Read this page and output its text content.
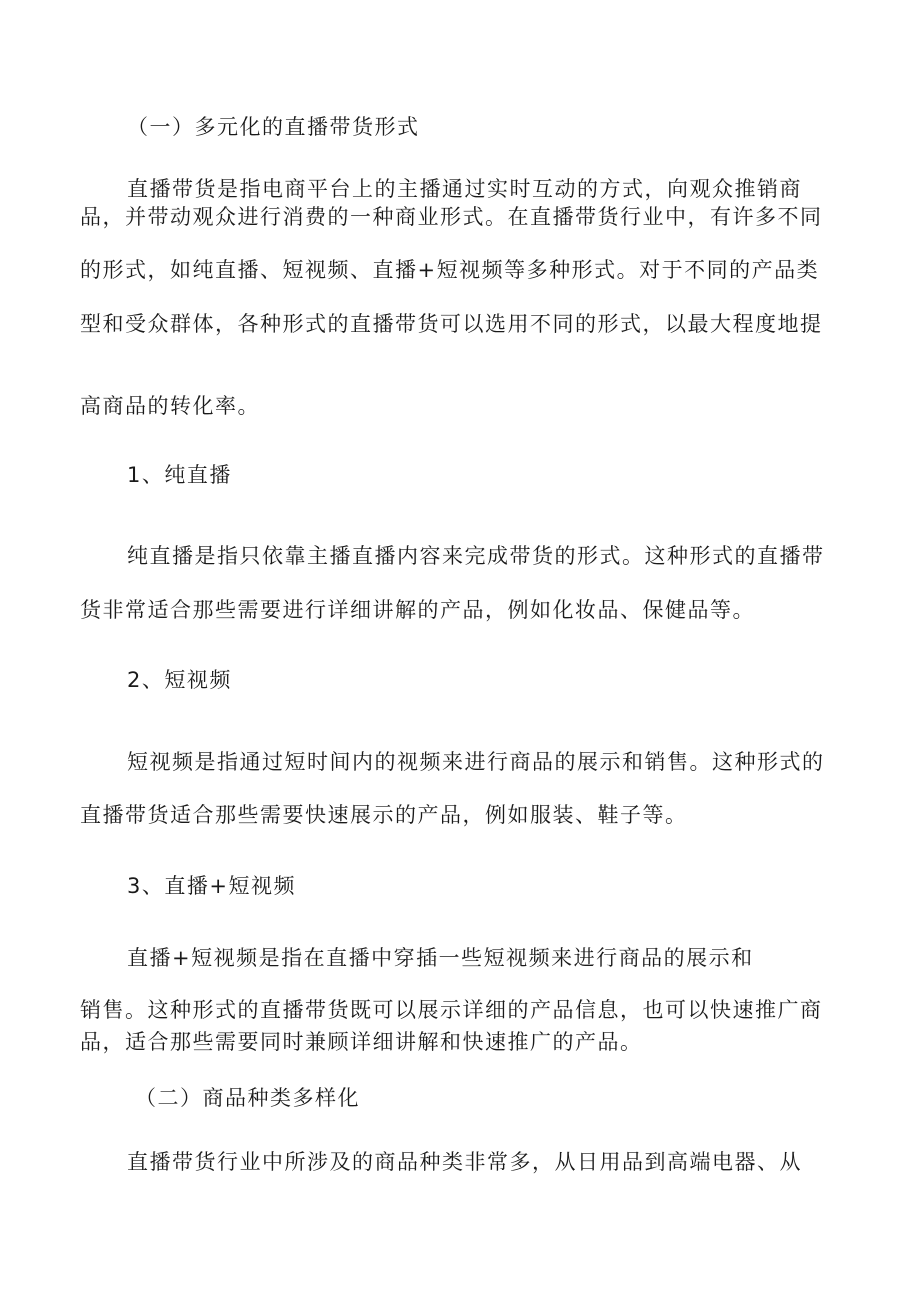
（一）多元化的直播带货形式
直播带货是指电商平台上的主播通过实时互动的方式，向观众推销商
品，并带动观众进行消费的一种商业形式。在直播带货行业中，有许多不同
的形式，如纯直播、短视频、直播+短视频等多种形式。对于不同的产品类
型和受众群体，各种形式的直播带货可以选用不同的形式，以最大程度地提
高商品的转化率。
1、纯直播
纯直播是指只依靠主播直播内容来完成带货的形式。这种形式的直播带
货非常适合那些需要进行详细讲解的产品，例如化妆品、保健品等。
2、短视频
短视频是指通过短时间内的视频来进行商品的展示和销售。这种形式的
直播带货适合那些需要快速展示的产品，例如服装、鞋子等。
3、直播+短视频
直播+短视频是指在直播中穿插一些短视频来进行商品的展示和
销售。这种形式的直播带货既可以展示详细的产品信息，也可以快速推广商
品，适合那些需要同时兼顾详细讲解和快速推广的产品。
（二）商品种类多样化
直播带货行业中所涉及的商品种类非常多，从日用品到高端电器、从
